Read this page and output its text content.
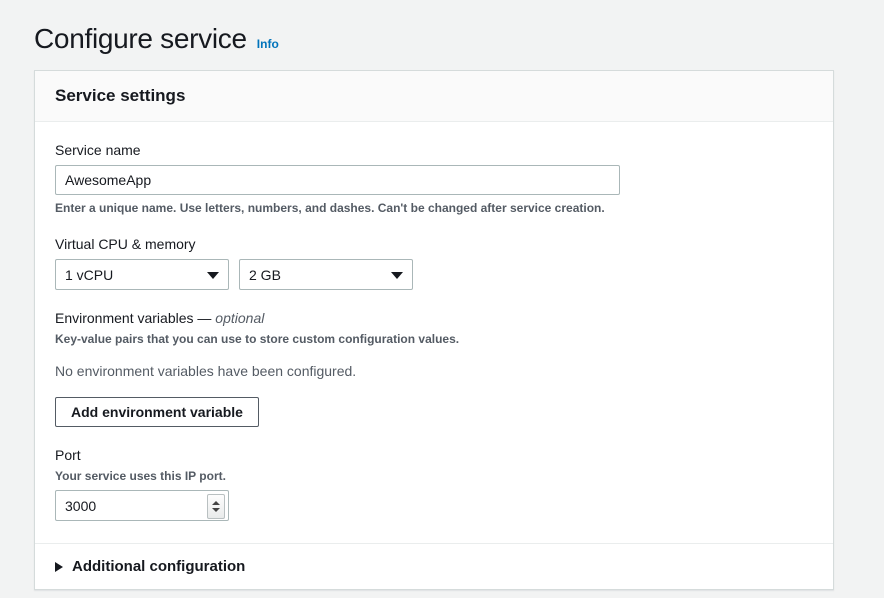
Configure service Info
Service settings
Service name
AwesomeApp
Enter a unique name. Use letters, numbers, and dashes. Can't be changed after service creation.
Virtual CPU & memory
1 vCPU	2 GB
Environment variables — optional
Key-value pairs that you can use to store custom configuration values.
No environment variables have been configured.
Add environment variable
Port
Your service uses this IP port.
3000
Additional configuration
